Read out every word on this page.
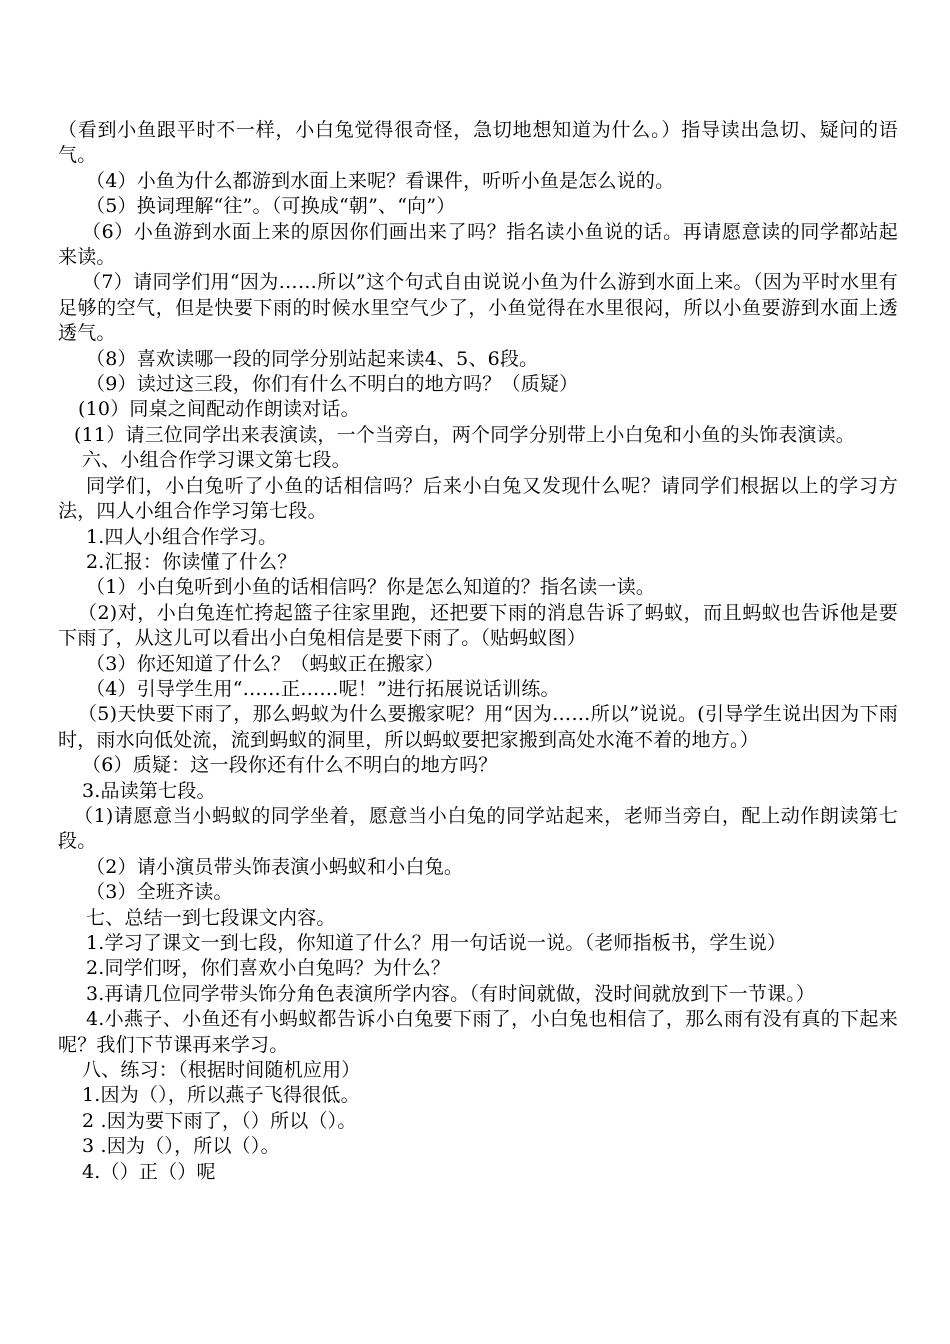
（看到小鱼跟平时不一样，小白兔觉得很奇怪，急切地想知道为什么。）指导读出急切、疑问的语气。

（4）小鱼为什么都游到水面上来呢？看课件，听听小鱼是怎么说的。

（5）换词理解“往”。（可换成“朝”、“向”）

（6）小鱼游到水面上来的原因你们画出来了吗？指名读小鱼说的话。再请愿意读的同学都站起来读。

（7）请同学们用“因为……所以”这个句式自由说说小鱼为什么游到水面上来。（因为平时水里有足够的空气，但是快要下雨的时候水里空气少了，小鱼觉得在水里很闷，所以小鱼要游到水面上透透气。

（8）喜欢读哪一段的同学分别站起来读4、5、6段。

（9）读过这三段，你们有什么不明白的地方吗？（质疑）

(10）同桌之间配动作朗读对话。

(11）请三位同学出来表演读，一个当旁白，两个同学分别带上小白兔和小鱼的头饰表演读。

六、小组合作学习课文第七段。

同学们，小白兔听了小鱼的话相信吗？后来小白兔又发现什么呢？请同学们根据以上的学习方法，四人小组合作学习第七段。

1.四人小组合作学习。

2.汇报：你读懂了什么？

（1）小白兔听到小鱼的话相信吗？你是怎么知道的？指名读一读。

（2)对，小白兔连忙挎起篮子往家里跑，还把要下雨的消息告诉了蚂蚁，而且蚂蚁也告诉他是要下雨了，从这儿可以看出小白兔相信是要下雨了。（贴蚂蚁图）

（3）你还知道了什么？（蚂蚁正在搬家）

（4）引导学生用“……正……呢！”进行拓展说话训练。

（5)天快要下雨了，那么蚂蚁为什么要搬家呢？用“因为……所以”说说。(引导学生说出因为下雨时，雨水向低处流，流到蚂蚁的洞里，所以蚂蚁要把家搬到高处水淹不着的地方。）

（6）质疑：这一段你还有什么不明白的地方吗？

3.品读第七段。

（1)请愿意当小蚂蚁的同学坐着，愿意当小白兔的同学站起来，老师当旁白，配上动作朗读第七段。

（2）请小演员带头饰表演小蚂蚁和小白兔。

（3）全班齐读。

七、总结一到七段课文内容。

1.学习了课文一到七段，你知道了什么？用一句话说一说。（老师指板书，学生说）

2.同学们呀，你们喜欢小白兔吗？为什么？

3.再请几位同学带头饰分角色表演所学内容。（有时间就做，没时间就放到下一节课。）

4.小燕子、小鱼还有小蚂蚁都告诉小白兔要下雨了，小白兔也相信了，那么雨有没有真的下起来呢？我们下节课再来学习。

八、练习：（根据时间随机应用）

1.因为（），所以燕子飞得很低。

2 .因为要下雨了，（）所以（）。

3 .因为（），所以（）。

4.（）正（）呢
